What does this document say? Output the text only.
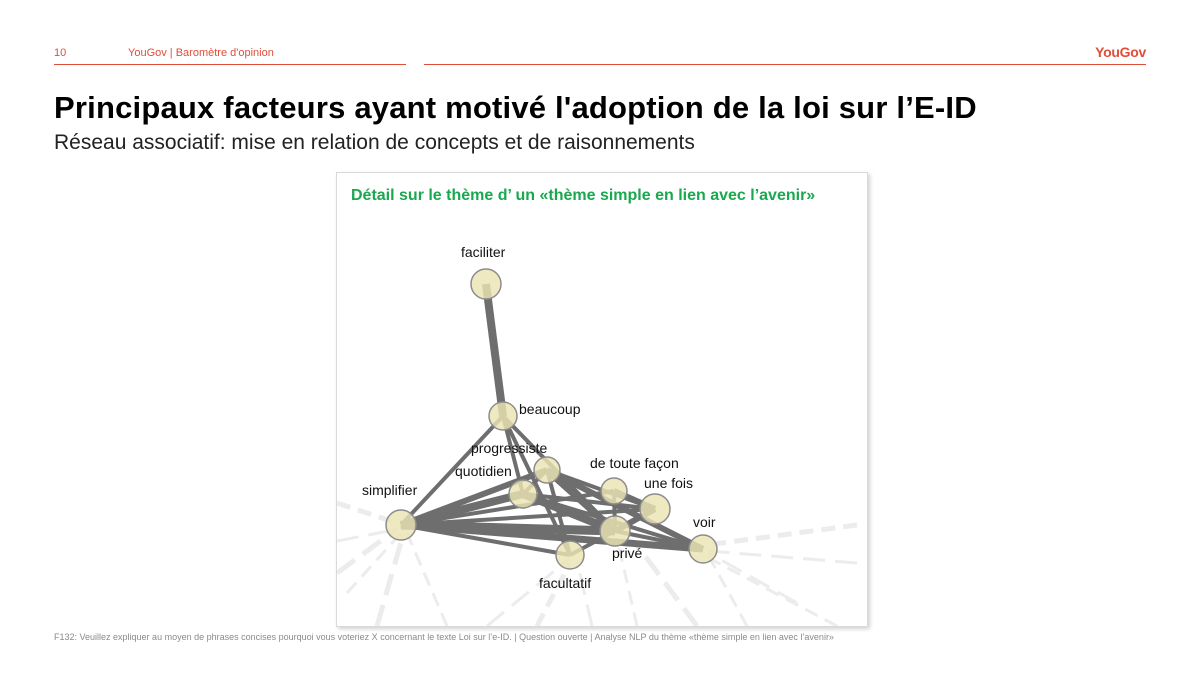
10	YouGov | Baromètre d'opinion	YouGov
Principaux facteurs ayant motivé l'adoption de la loi sur l’E-ID
Réseau associatif: mise en relation de concepts et de raisonnements
Détail sur le thème d’ un «thème simple en lien avec l’avenir»
faciliter
beaucoup
progressiste
quotidien	de toute façon
une fois
simplifier
voir
privé
facultatif
F132: Veuillez expliquer au moyen de phrases concises pourquoi vous voteriez X concernant le texte Loi sur l’e-ID. | Question ouverte | Analyse NLP du thème «thème simple en lien avec l’avenir»
